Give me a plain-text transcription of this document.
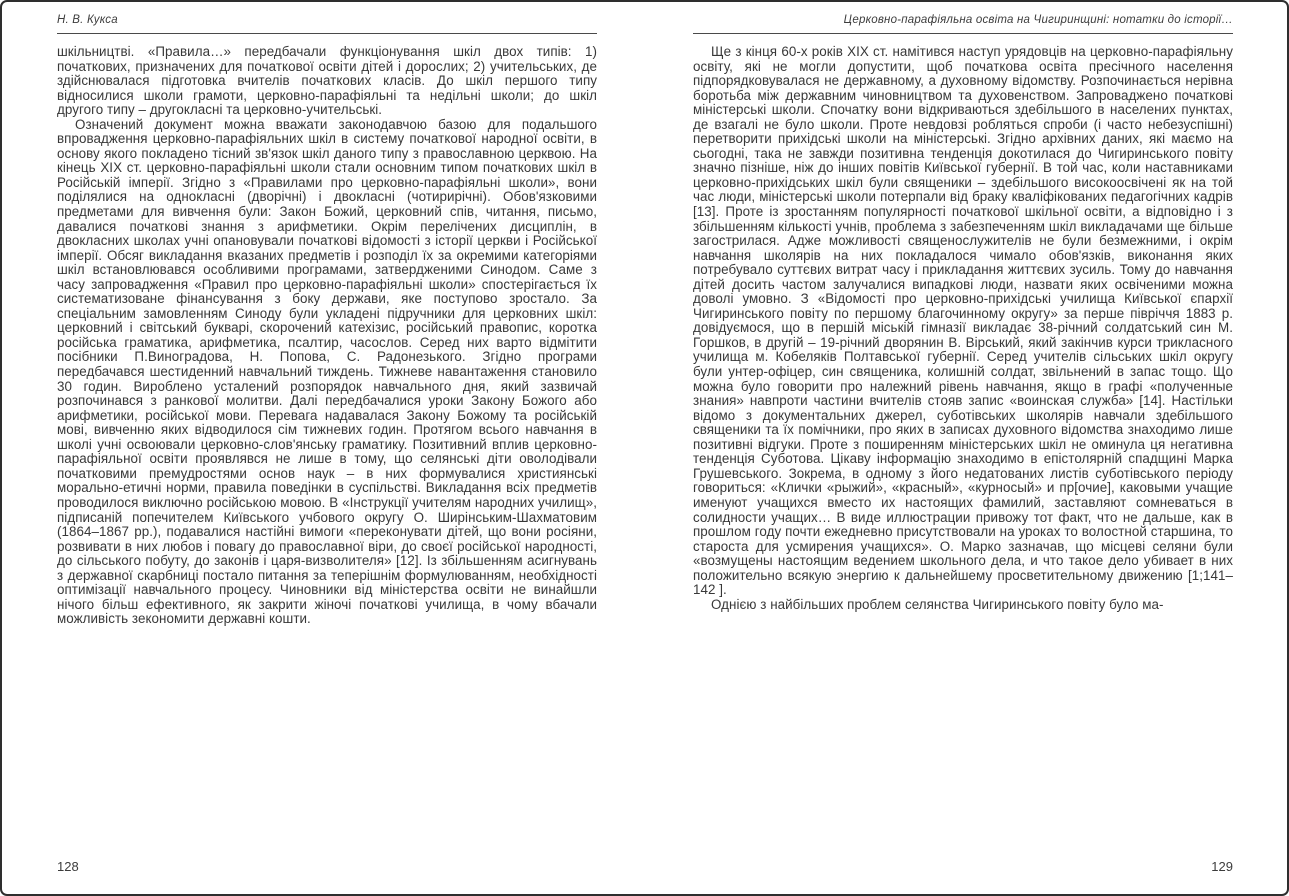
Н. В. Кукса

шкільництві. «Правила…» передбачали функціонування шкіл двох типів: 1) початкових, призначених для початкової освіти дітей і дорослих; 2) учительських, де здійснювалася підготовка вчителів початкових класів. До шкіл першого типу відносилися школи грамоти, церковно-парафіяльні та недільні школи; до шкіл другого типу – другокласні та церковно-учительські.

Означений документ можна вважати законодавчою базою для подальшого впровадження церковно-парафіяльних шкіл в систему початкової народної освіти, в основу якого покладено тісний зв'язок шкіл даного типу з православною церквою. На кінець XIX ст. церковно-парафіяльні школи стали основним типом початкових шкіл в Російській імперії. Згідно з «Правилами про церковно-парафіяльні школи», вони поділялися на однокласні (дворічні) і двокласні (чотирирічні). Обов'язковими предметами для вивчення були: Закон Божий, церковний спів, читання, письмо, давалися початкові знання з арифметики. Окрім перелічених дисциплін, в двокласних школах учні опановували початкові відомості з історії церкви і Російської імперії. Обсяг викладання вказаних предметів і розподіл їх за окремими категоріями шкіл встановлювався особливими програмами, затвердженими Синодом. Саме з часу запровадження «Правил про церковно-парафіяльні школи» спостерігається їх систематизоване фінансування з боку держави, яке поступово зростало. За спеціальним замовленням Синоду були укладені підручники для церковних шкіл: церковний і світський букварі, скорочений катехізис, російський правопис, коротка російська граматика, арифметика, псалтир, часослов. Серед них варто відмітити посібники П.Виноградова, Н. Попова, С. Радонезького. Згідно програми передбачався шестиденний навчальний тиждень. Тижневе навантаження становило 30 годин. Вироблено усталений розпорядок навчального дня, який зазвичай розпочинався з ранкової молитви. Далі передбачалися уроки Закону Божого або арифметики, російської мови. Перевага надавалася Закону Божому та російській мові, вивченню яких відводилося сім тижневих годин. Протягом всього навчання в школі учні освоювали церковно-слов'янську граматику. Позитивний вплив церковно-парафіяльної освіти проявлявся не лише в тому, що селянські діти оволодівали початковими премудростями основ наук – в них формувалися християнські морально-етичні норми, правила поведінки в суспільстві. Викладання всіх предметів проводилося виключно російською мовою. В «Інструкції учителям народних училищ», підписаній попечителем Київського учбового округу О. Ширінським-Шахматовим (1864–1867 рр.), подавалися настійні вимоги «переконувати дітей, що вони росіяни, розвивати в них любов і повагу до православної віри, до своєї російської народності, до сільського побуту, до законів і царя-визволителя» [12]. Із збільшенням асигнувань з державної скарбниці постало питання за теперішнім формулюванням, необхідності оптимізації навчального процесу. Чиновники від міністерства освіти не винайшли нічого більш ефективного, як закрити жіночі початкові училища, в чому вбачали можливість зекономити державні кошти.

128
Церковно-парафіяльна освіта на Чигиринщині: нотатки до історії…

Ще з кінця 60-х років XIX ст. намітився наступ урядовців на церковно-парафіяльну освіту, які не могли допустити, щоб початкова освіта пресічного населення підпорядковувалася не державному, а духовному відомству. Розпочинається нерівна боротьба між державним чиновництвом та духовенством. Запроваджено початкові міністерські школи. Спочатку вони відкриваються здебільшого в населених пунктах, де взагалі не було школи. Проте невдовзі робляться спроби (і часто небезуспішні) перетворити прихідські школи на міністерські. Згідно архівних даних, які маємо на сьогодні, така не завжди позитивна тенденція докотилася до Чигиринського повіту значно пізніше, ніж до інших повітів Київської губернії. В той час, коли наставниками церковно-прихідських шкіл були священики – здебільшого високоосвічені як на той час люди, міністерські школи потерпали від браку кваліфікованих педагогічних кадрів [13]. Проте із зростанням популярності початкової шкільної освіти, а відповідно і з збільшенням кількості учнів, проблема з забезпеченням шкіл викладачами ще більше загострилася. Адже можливості священослужителів не були безмежними, і окрім навчання школярів на них покладалося чимало обов'язків, виконання яких потребувало суттєвих витрат часу і прикладання життєвих зусиль. Тому до навчання дітей досить частом залучалися випадкові люди, назвати яких освіченими можна доволі умовно. З «Відомості про церковно-прихідські училища Київської єпархії Чигиринського повіту по першому благочинному округу» за перше півріччя 1883 р. довідуємося, що в першій міській гімназії викладає 38-річний солдатський син М. Горшков, в другій – 19-річний дворянин В. Вірський, який закінчив курси трикласного училища м. Кобеляків Полтавської губернії. Серед учителів сільських шкіл округу були унтер-офіцер, син священика, колишній солдат, звільнений в запас тощо. Що можна було говорити про належний рівень навчання, якщо в графі «полученные знания» навпроти частини вчителів стояв запис «воинская служба» [14]. Настільки відомо з документальних джерел, суботівських школярів навчали здебільшого священики та їх помічники, про яких в записах духовного відомства знаходимо лише позитивні відгуки. Проте з поширенням міністерських шкіл не оминула ця негативна тенденція Суботова. Цікаву інформацію знаходимо в епістолярній спадщині Марка Грушевського. Зокрема, в одному з його недатованих листів суботівського періоду говориться: «Клички «рыжий», «красный», «курносый» и пр[очие], каковыми учащие именуют учащихся вместо их настоящих фамилий, заставляют сомневаться в солидности учащих… В виде иллюстрации привожу тот факт, что не дальше, как в прошлом году почти ежедневно присутствовали на уроках то волостной старшина, то староста для усмирения учащихся». О. Марко зазначав, що місцеві селяни були «возмущены настоящим ведением школьного дела, и что такое дело убивает в них положительно всякую энергию к дальнейшему просветительному движению [1;141–142 ].

Однією з найбільших проблем селянства Чигиринського повіту було ма-

129
